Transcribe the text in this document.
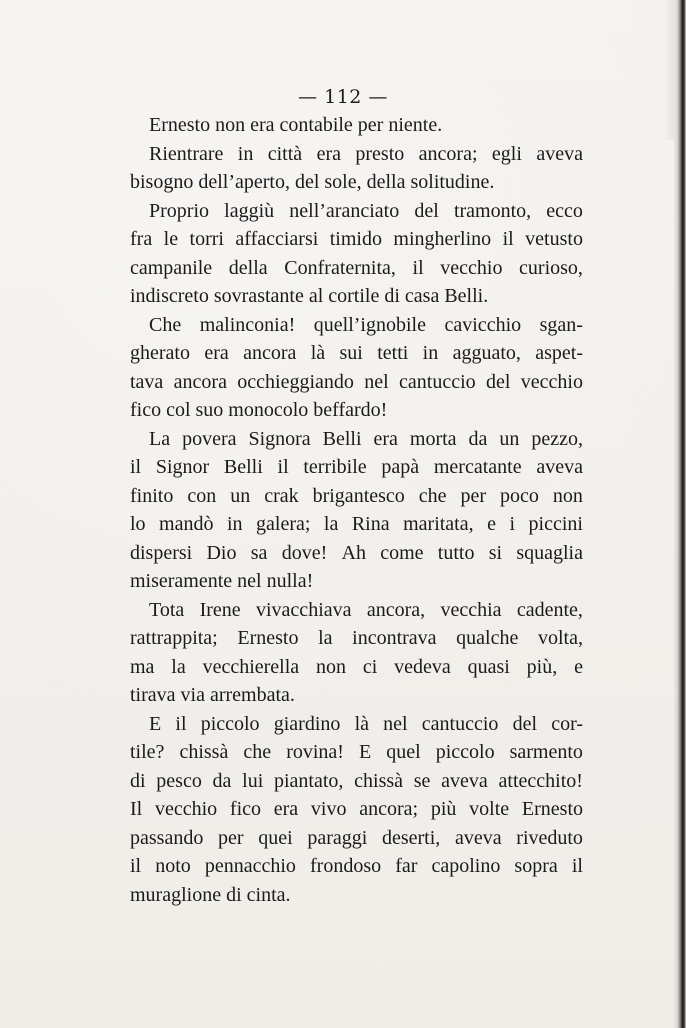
— 112 —
Ernesto non era contabile per niente.
Rientrare in città era presto ancora; egli aveva
bisogno dell’aperto, del sole, della solitudine.
Proprio laggiù nell’aranciato del tramonto, ecco
fra le torri affacciarsi timido mingherlino il vetusto
campanile della Confraternita, il vecchio curioso,
indiscreto sovrastante al cortile di casa Belli.
Che malinconia! quell’ignobile cavicchio sgan-
gherato era ancora là sui tetti in agguato, aspet-
tava ancora occhieggiando nel cantuccio del vecchio
fico col suo monocolo beffardo!
La povera Signora Belli era morta da un pezzo,
il Signor Belli il terribile papà mercatante aveva
finito con un crak brigantesco che per poco non
lo mandò in galera; la Rina maritata, e i piccini
dispersi Dio sa dove! Ah come tutto si squaglia
miseramente nel nulla!
Tota Irene vivacchiava ancora, vecchia cadente,
rattrappita; Ernesto la incontrava qualche volta,
ma la vecchierella non ci vedeva quasi più, e
tirava via arrembata.
E il piccolo giardino là nel cantuccio del cor-
tile? chissà che rovina! E quel piccolo sarmento
di pesco da lui piantato, chissà se aveva attecchito!
Il vecchio fico era vivo ancora; più volte Ernesto
passando per quei paraggi deserti, aveva riveduto
il noto pennacchio frondoso far capolino sopra il
muraglione di cinta.
